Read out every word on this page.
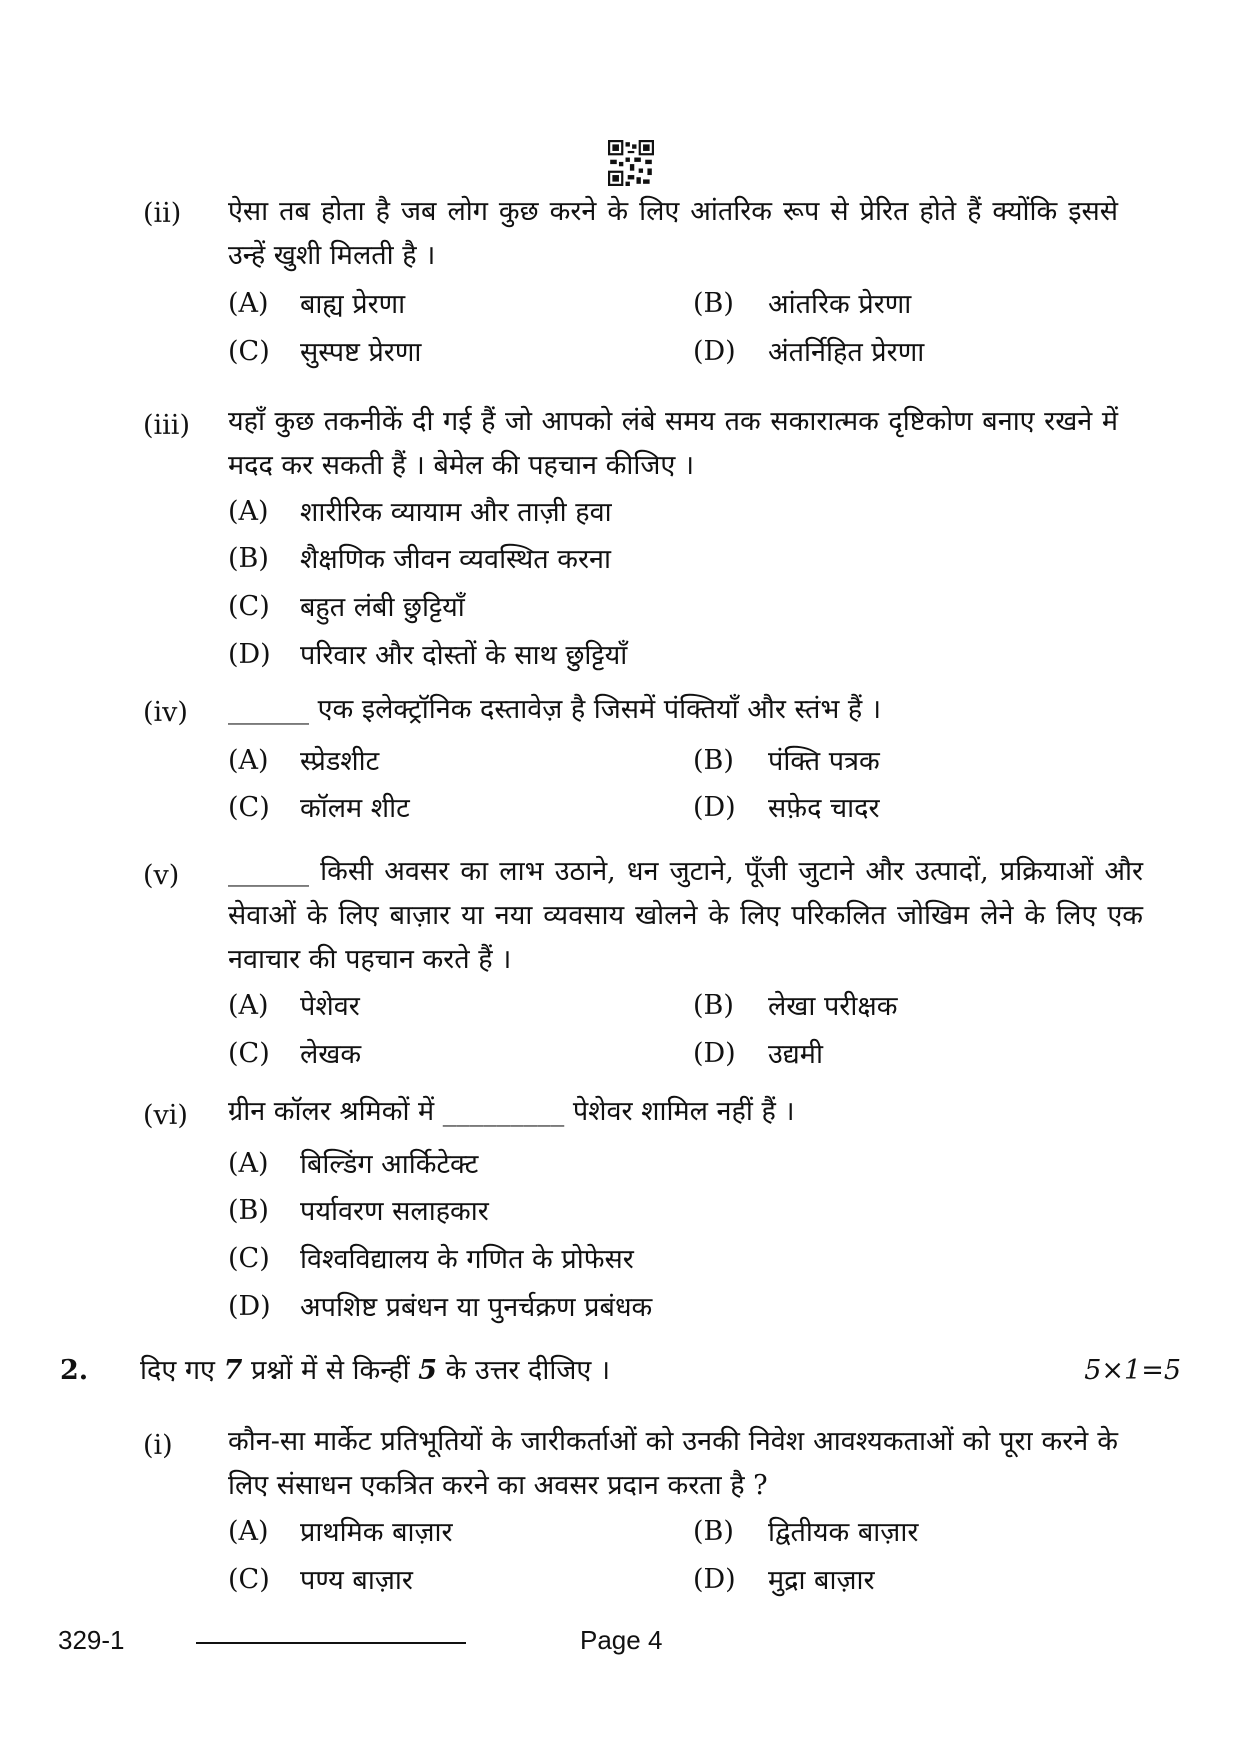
(ii) ऐसा तब होता है जब लोग कुछ करने के लिए आंतरिक रूप से प्रेरित होते हैं क्योंकि इससे उन्हें खुशी मिलती है ।
(A) बाह्य प्रेरणा	(B) आंतरिक प्रेरणा
(C) सुस्पष्ट प्रेरणा	(D) अंतर्निहित प्रेरणा
(iii) यहाँ कुछ तकनीकें दी गई हैं जो आपको लंबे समय तक सकारात्मक दृष्टिकोण बनाए रखने में मदद कर सकती हैं । बेमेल की पहचान कीजिए ।
(A) शारीरिक व्यायाम और ताज़ी हवा
(B) शैक्षणिक जीवन व्यवस्थित करना
(C) बहुत लंबी छुट्टियाँ
(D) परिवार और दोस्तों के साथ छुट्टियाँ
(iv) ______ एक इलेक्ट्रॉनिक दस्तावेज़ है जिसमें पंक्तियाँ और स्तंभ हैं ।
(A) स्प्रेडशीट	(B) पंक्ति पत्रक
(C) कॉलम शीट	(D) सफ़ेद चादर
(v) ______ किसी अवसर का लाभ उठाने, धन जुटाने, पूँजी जुटाने और उत्पादों, प्रक्रियाओं और सेवाओं के लिए बाज़ार या नया व्यवसाय खोलने के लिए परिकलित जोखिम लेने के लिए एक नवाचार की पहचान करते हैं ।
(A) पेशेवर	(B) लेखा परीक्षक
(C) लेखक	(D) उद्यमी
(vi) ग्रीन कॉलर श्रमिकों में _________ पेशेवर शामिल नहीं हैं ।
(A) बिल्डिंग आर्किटेक्ट
(B) पर्यावरण सलाहकार
(C) विश्वविद्यालय के गणित के प्रोफेसर
(D) अपशिष्ट प्रबंधन या पुनर्चक्रण प्रबंधक
2. दिए गए 7 प्रश्नों में से किन्हीं 5 के उत्तर दीजिए ।	5×1=5
(i) कौन-सा मार्केट प्रतिभूतियों के जारीकर्ताओं को उनकी निवेश आवश्यकताओं को पूरा करने के लिए संसाधन एकत्रित करने का अवसर प्रदान करता है ?
(A) प्राथमिक बाज़ार	(B) द्वितीयक बाज़ार
(C) पण्य बाज़ार	(D) मुद्रा बाज़ार
329-1	Page 4
